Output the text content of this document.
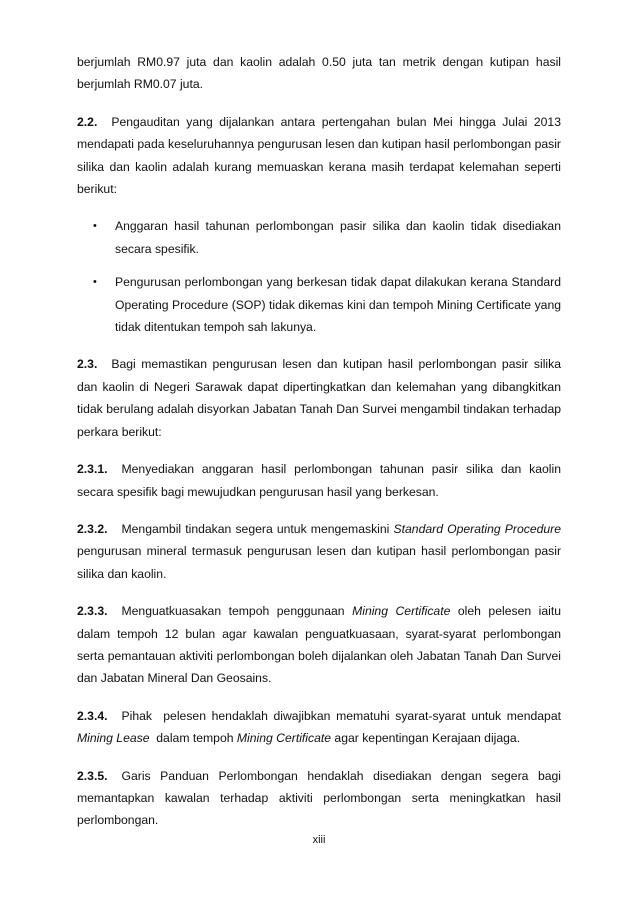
berjumlah RM0.97 juta dan kaolin adalah 0.50 juta tan metrik dengan kutipan hasil berjumlah RM0.07 juta.

2.2. Pengauditan yang dijalankan antara pertengahan bulan Mei hingga Julai 2013 mendapati pada keseluruhannya pengurusan lesen dan kutipan hasil perlombongan pasir silika dan kaolin adalah kurang memuaskan kerana masih terdapat kelemahan seperti berikut:

• Anggaran hasil tahunan perlombongan pasir silika dan kaolin tidak disediakan secara spesifik.
• Pengurusan perlombongan yang berkesan tidak dapat dilakukan kerana Standard Operating Procedure (SOP) tidak dikemas kini dan tempoh Mining Certificate yang tidak ditentukan tempoh sah lakunya.

2.3. Bagi memastikan pengurusan lesen dan kutipan hasil perlombongan pasir silika dan kaolin di Negeri Sarawak dapat dipertingkatkan dan kelemahan yang dibangkitkan tidak berulang adalah disyorkan Jabatan Tanah Dan Survei mengambil tindakan terhadap perkara berikut:

2.3.1. Menyediakan anggaran hasil perlombongan tahunan pasir silika dan kaolin secara spesifik bagi mewujudkan pengurusan hasil yang berkesan.

2.3.2. Mengambil tindakan segera untuk mengemaskini Standard Operating Procedure pengurusan mineral termasuk pengurusan lesen dan kutipan hasil perlombongan pasir silika dan kaolin.

2.3.3. Menguatkuasakan tempoh penggunaan Mining Certificate oleh pelesen iaitu dalam tempoh 12 bulan agar kawalan penguatkuasaan, syarat-syarat perlombongan serta pemantauan aktiviti perlombongan boleh dijalankan oleh Jabatan Tanah Dan Survei dan Jabatan Mineral Dan Geosains.

2.3.4. Pihak  pelesen hendaklah diwajibkan mematuhi syarat-syarat untuk mendapat Mining Lease  dalam tempoh Mining Certificate agar kepentingan Kerajaan dijaga.

2.3.5. Garis Panduan Perlombongan hendaklah disediakan dengan segera bagi memantapkan kawalan terhadap aktiviti perlombongan serta meningkatkan hasil perlombongan.

xiii
